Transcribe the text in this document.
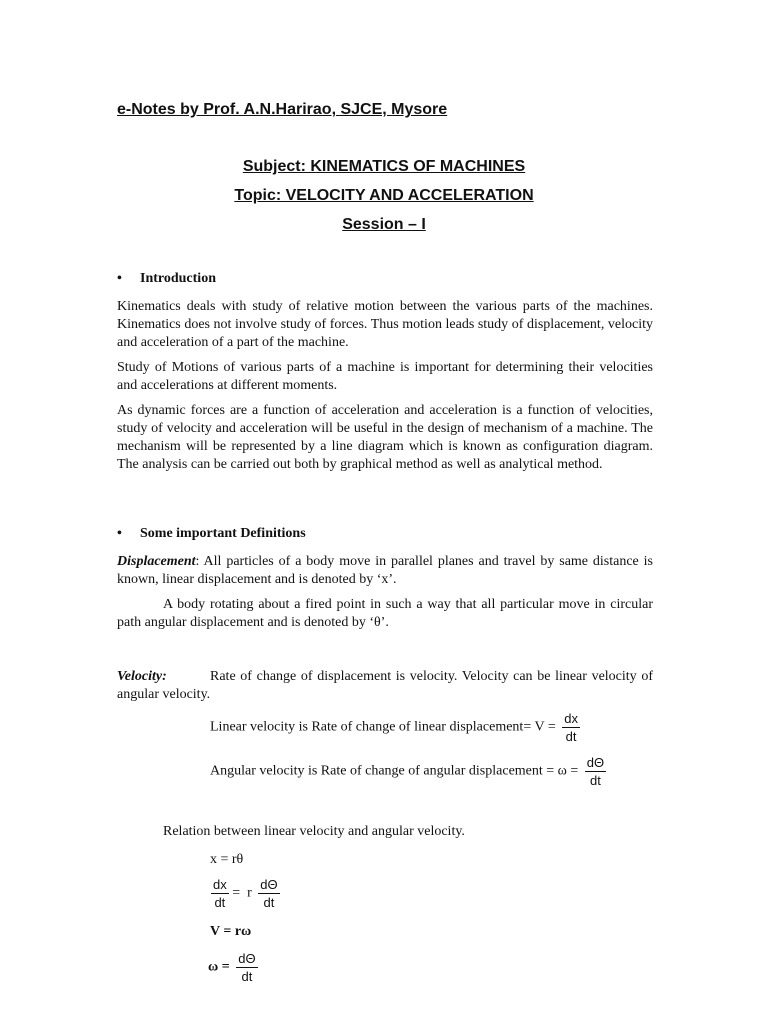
e-Notes by Prof. A.N.Harirao, SJCE, Mysore
Subject: KINEMATICS OF MACHINES
Topic: VELOCITY AND ACCELERATION
Session – I
• Introduction
Kinematics deals with study of relative motion between the various parts of the machines. Kinematics does not involve study of forces. Thus motion leads study of displacement, velocity and acceleration of a part of the machine.
Study of Motions of various parts of a machine is important for determining their velocities and accelerations at different moments.
As dynamic forces are a function of acceleration and acceleration is a function of velocities, study of velocity and acceleration will be useful in the design of mechanism of a machine. The mechanism will be represented by a line diagram which is known as configuration diagram. The analysis can be carried out both by graphical method as well as analytical method.
• Some important Definitions
Displacement: All particles of a body move in parallel planes and travel by same distance is known, linear displacement and is denoted by ‘x’.
A body rotating about a fired point in such a way that all particular move in circular path angular displacement and is denoted by ‘θ’.
Velocity:	Rate of change of displacement is velocity. Velocity can be linear velocity of angular velocity.
Linear velocity is Rate of change of linear displacement= $V = \frac{dx}{dt}$
Angular velocity is Rate of change of angular displacement = $\omega = \frac{d\Theta}{dt}$
Relation between linear velocity and angular velocity.
x = rθ
$\frac{dx}{dt} = r \frac{d\Theta}{dt}$
V = rω
$\omega = \frac{d\Theta}{dt}$
